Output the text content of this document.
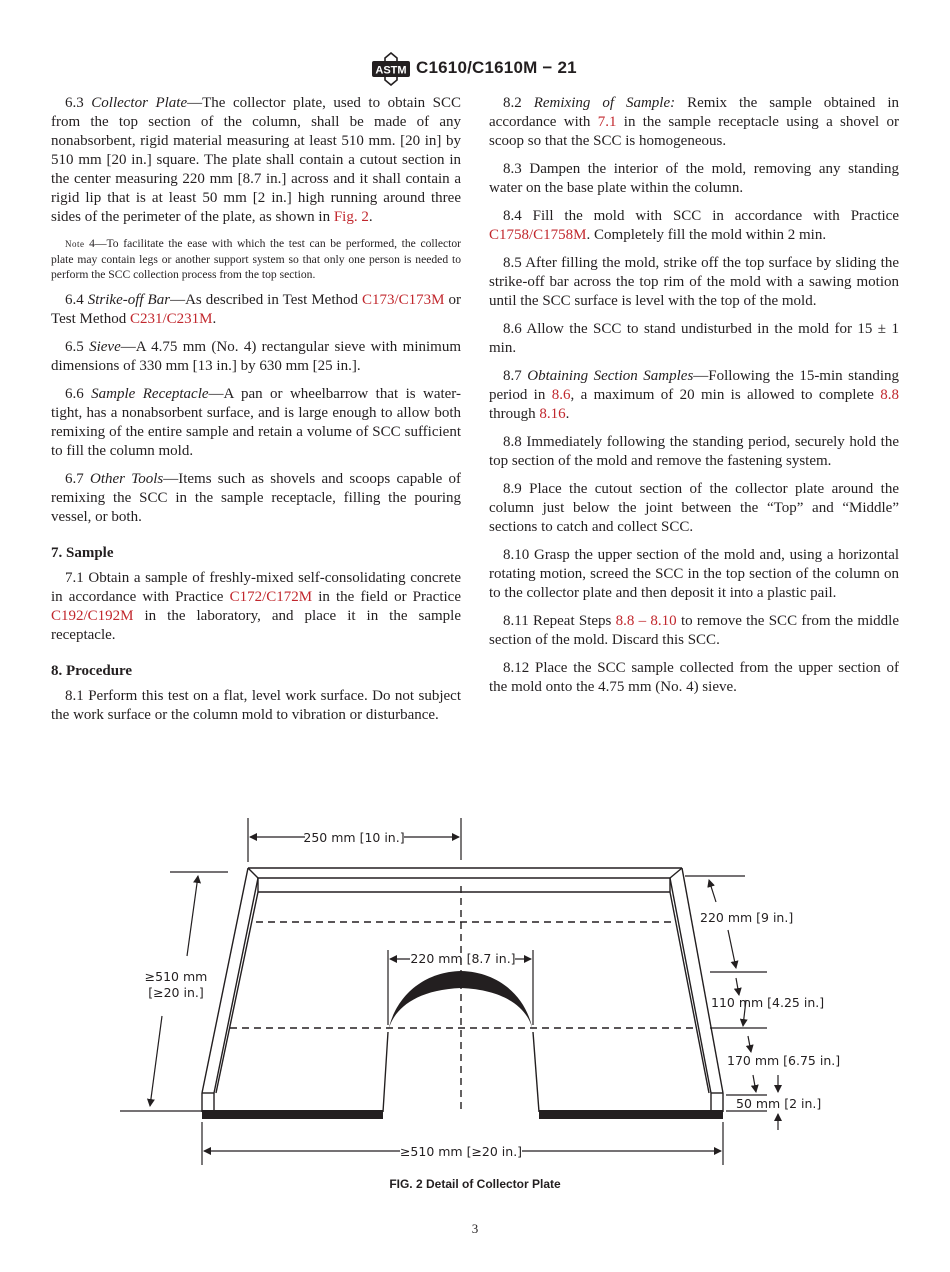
ASTM C1610/C1610M − 21

6.3 Collector Plate—The collector plate, used to obtain SCC from the top section of the column, shall be made of any nonabsorbent, rigid material measuring at least 510 mm. [20 in] by 510 mm [20 in.] square. The plate shall contain a cutout section in the center measuring 220 mm [8.7 in.] across and it shall contain a rigid lip that is at least 50 mm [2 in.] high running around three sides of the perimeter of the plate, as shown in Fig. 2.

Note 4—To facilitate the ease with which the test can be performed, the collector plate may contain legs or another support system so that only one person is needed to perform the SCC collection process from the top section.

6.4 Strike-off Bar—As described in Test Method C173/C173M or Test Method C231/C231M.

6.5 Sieve—A 4.75 mm (No. 4) rectangular sieve with minimum dimensions of 330 mm [13 in.] by 630 mm [25 in.].

6.6 Sample Receptacle—A pan or wheelbarrow that is water-tight, has a nonabsorbent surface, and is large enough to allow both remixing of the entire sample and retain a volume of SCC sufficient to fill the column mold.

6.7 Other Tools—Items such as shovels and scoops capable of remixing the SCC in the sample receptacle, filling the pouring vessel, or both.

7. Sample

7.1 Obtain a sample of freshly-mixed self-consolidating concrete in accordance with Practice C172/C172M in the field or Practice C192/C192M in the laboratory, and place it in the sample receptacle.

8. Procedure

8.1 Perform this test on a flat, level work surface. Do not subject the work surface or the column mold to vibration or disturbance.

8.2 Remixing of Sample: Remix the sample obtained in accordance with 7.1 in the sample receptacle using a shovel or scoop so that the SCC is homogeneous.

8.3 Dampen the interior of the mold, removing any standing water on the base plate within the column.

8.4 Fill the mold with SCC in accordance with Practice C1758/C1758M. Completely fill the mold within 2 min.

8.5 After filling the mold, strike off the top surface by sliding the strike-off bar across the top rim of the mold with a sawing motion until the SCC surface is level with the top of the mold.

8.6 Allow the SCC to stand undisturbed in the mold for 15 ± 1 min.

8.7 Obtaining Section Samples—Following the 15-min standing period in 8.6, a maximum of 20 min is allowed to complete 8.8 through 8.16.

8.8 Immediately following the standing period, securely hold the top section of the mold and remove the fastening system.

8.9 Place the cutout section of the collector plate around the column just below the joint between the “Top” and “Middle” sections to catch and collect SCC.

8.10 Grasp the upper section of the mold and, using a horizontal rotating motion, screed the SCC in the top section of the column on to the collector plate and then deposit it into a plastic pail.

8.11 Repeat Steps 8.8 – 8.10 to remove the SCC from the middle section of the mold. Discard this SCC.

8.12 Place the SCC sample collected from the upper section of the mold onto the 4.75 mm (No. 4) sieve.

250 mm [10 in.]
≥510 mm
[≥20 in.]
220 mm [8.7 in.]
220 mm [9 in.]
110 mm [4.25 in.]
170 mm [6.75 in.]
50 mm [2 in.]
≥510 mm [≥20 in.]
FIG. 2 Detail of Collector Plate
3
